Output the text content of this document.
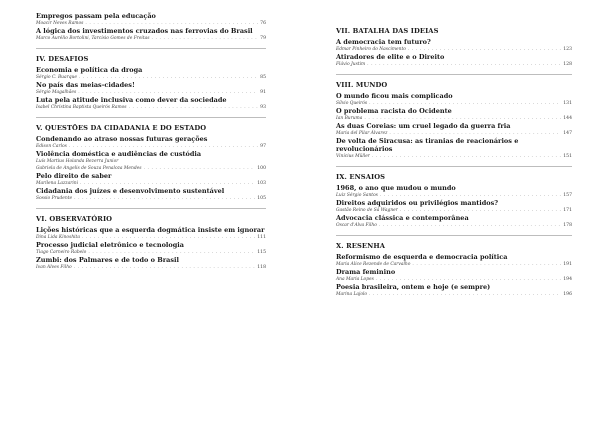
Empregos passam pela educação
Moacir Neves Ramos . . .	76
A lógica dos investimentos cruzados nas ferrovias do Brasil
Marco Aurélio Bortolini, Tarcísio Gomes de Freitas . . .	79
IV. DESAFIOS
Economia e política da droga
Sérgio C. Buarque . . .	85
No país das meias-cidades!
Sérgio Magalhães . . .	91
Luta pela atitude inclusiva como dever da sociedade
Isabel Christina Baptista Queirós Ramos . . .	93
V. QUESTÕES DA CIDADANIA E DO ESTADO
Condenando ao atraso nossas futuras gerações
Edison Carlos . . .	97
Violência doméstica e audiências de custódia
Luís Martius Holanda Bezerra Junior
Gabriela de Angelis de Souza Penaloza Mendes . . .	100
Pelo direito de saber
Marilena Lazzarini . . .	103
Cidadania dos juízes e desenvolvimento sustentável
Sossio Prudente . . .	105
VI. OBSERVATÓRIO
Lições históricas que a esquerda dogmática insiste em ignorar
Dina Lida Kinoshita . . .	111
Processo judicial eletrônico e tecnologia
Tiago Carneiro Rabelo . . .	115
Zumbi: dos Palmares e de todo o Brasil
Ivan Alves Filho . . .	118
VII. BATALHA DAS IDEIAS
A democracia tem futuro?
Edmar Pinheiro do Nascimento . . .	123
Atiradores de elite e o Direito
Flávio Justim . . .	128
VIII. MUNDO
O mundo ficou mais complicado
Sílvio Queirós . . .	131
O problema racista do Ocidente
Ian Buruma . . .	144
As duas Coreias: um cruel legado da guerra fria
Maria del Pilar Álvarez . . .	147
De volta de Siracusa: as tiranias de reacionários e revolucionários
Vinícius Müller . . .	151
IX. ENSAIOS
1968, o ano que mudou o mundo
Luiz Sérgio Santos . . .	157
Direitos adquiridos ou privilégios mantidos?
Gastão Reino de Sá Wagner . . .	171
Advocacia clássica e contemporânea
Oscar d'Alva Filho . . .	178
X. RESENHA
Reformismo de esquerda e democracia política
Maria Alice Rezende de Carvalho . . .	191
Drama feminino
Ana Maria Lopes . . .	194
Poesia brasileira, ontem e hoje (e sempre)
Marina Lajolo . . .	196
